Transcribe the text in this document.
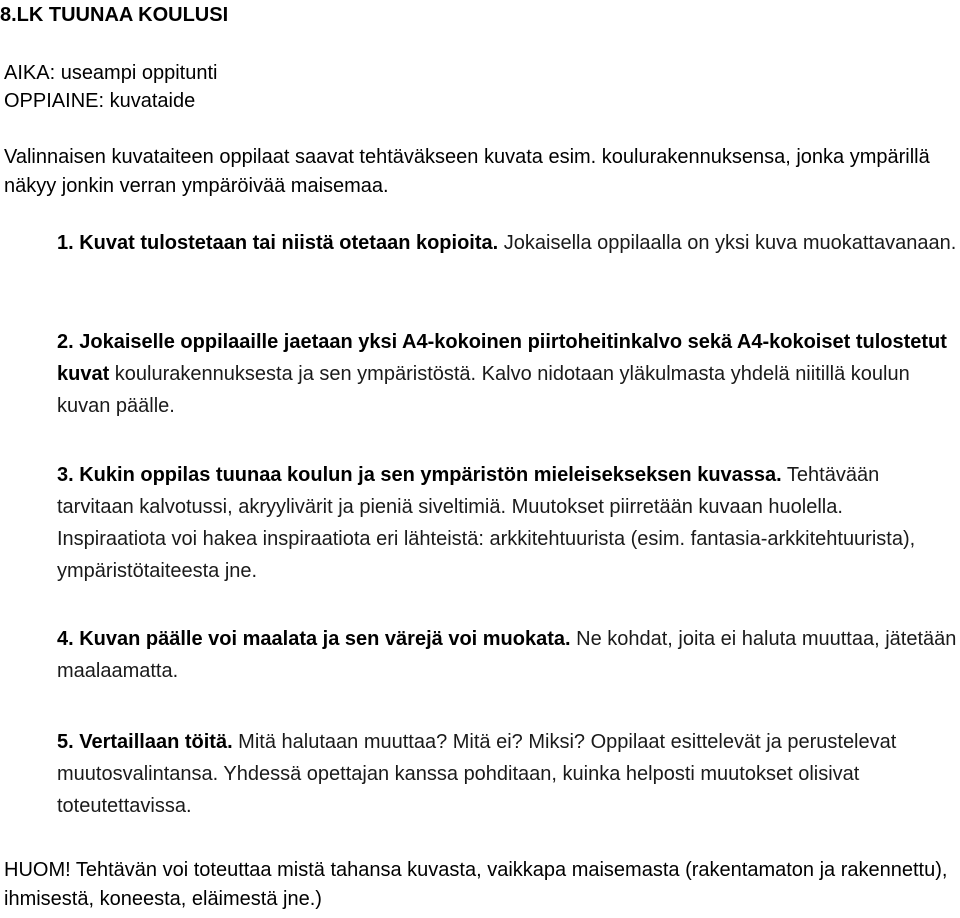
8.LK TUUNAA KOULUSI

AIKA: useampi oppitunti

OPPIAINE: kuvataide

Valinnaisen kuvataiteen oppilaat saavat tehtäväkseen kuvata esim. koulurakennuksensa, jonka ympärillä näkyy jonkin verran ympäröivää maisemaa.

1. Kuvat tulostetaan tai niistä otetaan kopioita. Jokaisella oppilaalla on yksi kuva muokattavanaan.

2. Jokaiselle oppilaaille jaetaan yksi A4-kokoinen piirtoheitinkalvo sekä A4-kokoiset tulostetut kuvat koulurakennuksesta ja sen ympäristöstä. Kalvo nidotaan yläkulmasta yhdelä niitillä koulun kuvan päälle.

3. Kukin oppilas tuunaa koulun ja sen ympäristön mieleisekseksen kuvassa. Tehtävään tarvitaan kalvotussi, akryylivärit ja pieniä siveltimiä. Muutokset piirretään kuvaan huolella. Inspiraatiota voi hakea inspiraatiota eri lähteistä: arkkitehtuurista (esim. fantasia-arkkitehtuurista), ympäristötaiteesta jne.

4. Kuvan päälle voi maalata ja sen värejä voi muokata. Ne kohdat, joita ei haluta muuttaa, jätetään maalaamatta.

5. Vertaillaan töitä. Mitä halutaan muuttaa? Mitä ei? Miksi? Oppilaat esittelevät ja perustelevat muutosvalintansa. Yhdessä opettajan kanssa pohditaan, kuinka helposti muutokset olisivat toteutettavissa.

HUOM! Tehtävän voi toteuttaa mistä tahansa kuvasta, vaikkapa maisemasta (rakentamaton ja rakennettu), ihmisestä, koneesta, eläimestä jne.)
